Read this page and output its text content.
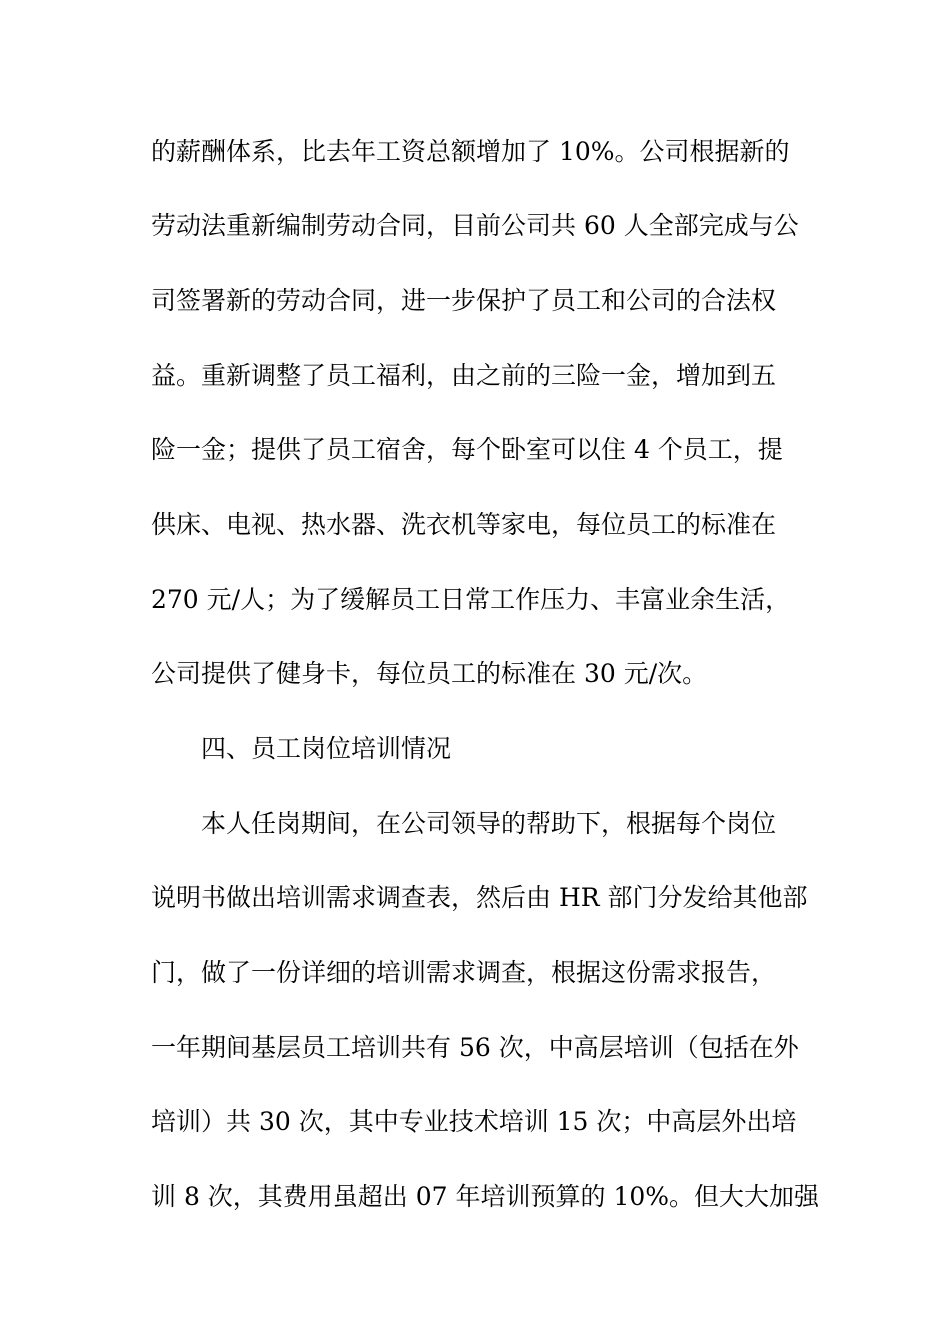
的薪酬体系，比去年工资总额增加了 10%。公司根据新的
劳动法重新编制劳动合同，目前公司共 60 人全部完成与公
司签署新的劳动合同，进一步保护了员工和公司的合法权
益。重新调整了员工福利，由之前的三险一金，增加到五
险一金；提供了员工宿舍，每个卧室可以住 4 个员工，提
供床、电视、热水器、洗衣机等家电，每位员工的标准在
270 元/人；为了缓解员工日常工作压力、丰富业余生活，
公司提供了健身卡，每位员工的标准在 30 元/次。
四、员工岗位培训情况
本人任岗期间，在公司领导的帮助下，根据每个岗位
说明书做出培训需求调查表，然后由 HR 部门分发给其他部
门，做了一份详细的培训需求调查，根据这份需求报告，
一年期间基层员工培训共有 56 次，中高层培训（包括在外
培训）共 30 次，其中专业技术培训 15 次；中高层外出培
训 8 次，其费用虽超出 07 年培训预算的 10%。但大大加强
